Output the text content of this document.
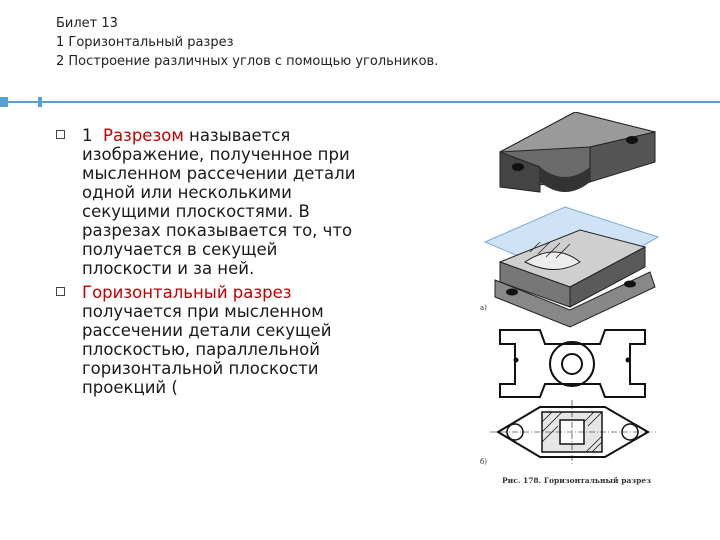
Билет 13
1 Горизонтальный разрез
2 Построение различных углов с помощью угольников.
1 Разрезом называется изображение, полученное при мысленном рассечении детали одной или несколькими секущими плоскостями. В разрезах показывается то, что получается в секущей плоскости и за ней.
Горизонтальный разрез получается при мысленном рассечении детали секущей плоскостью, параллельной горизонтальной плоскости проекций (
а)
б)
Рис. 178. Горизонтальный разрез
